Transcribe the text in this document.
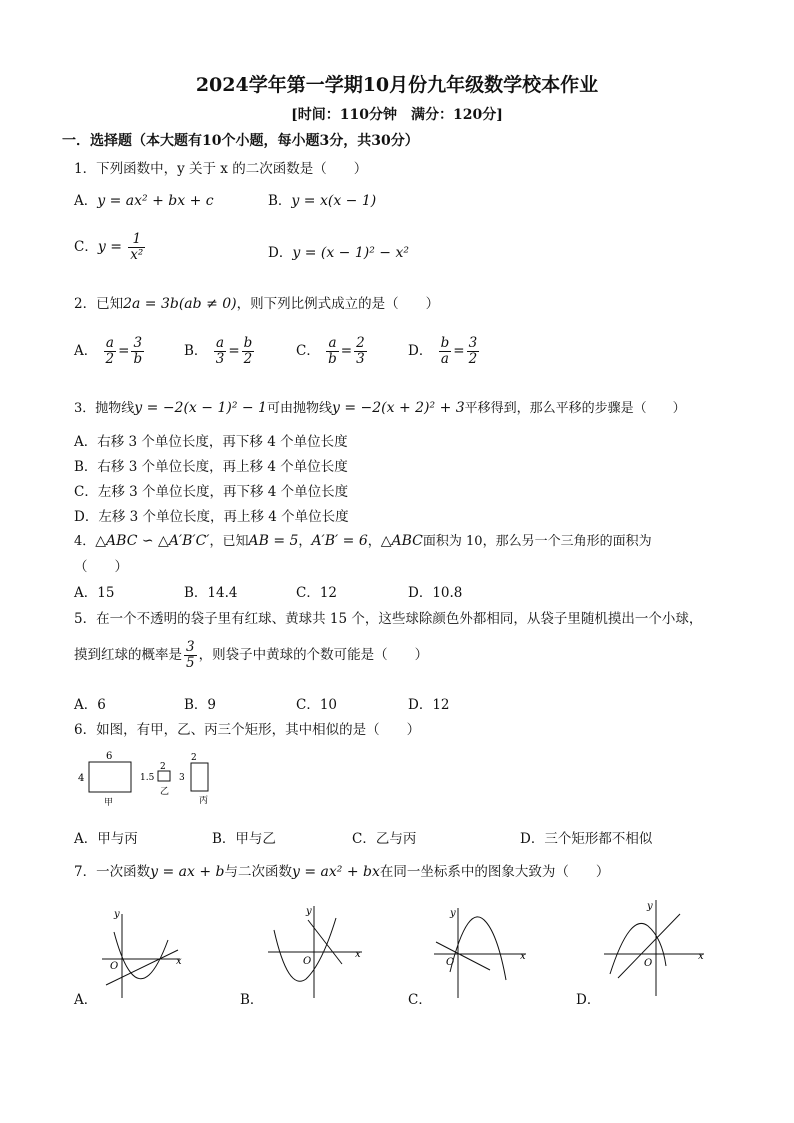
2024学年第一学期10月份九年级数学校本作业
[时间：110分钟　满分：120分]
一．选择题（本大题有10个小题，每小题3分，共30分）
1．下列函数中，y 关于 x 的二次函数是（　　）
A．y = ax² + bx + c	B．y = x(x − 1)
C．$y = \frac{1}{\text{x²}}$	D．y = (x − 1)² − x²
2．已知2a = 3b(ab ≠ 0)，则下列比例式成立的是（　　）
A． $\frac{a}{2} = \frac{3}{b}$	B． $\frac{a}{3} = \frac{b}{2}$	C． $\frac{a}{b} = \frac{2}{3}$	D． $\frac{b}{a} = \frac{3}{2}$
3．抛物线y = −2(x − 1)² − 1可由抛物线y = −2(x + 2)² + 3平移得到，那么平移的步骤是（　　）
A．右移 3 个单位长度，再下移 4 个单位长度
B．右移 3 个单位长度，再上移 4 个单位长度
C．左移 3 个单位长度，再下移 4 个单位长度
D．左移 3 个单位长度，再上移 4 个单位长度
4．△ABC ∽ △A′B′C′，已知AB = 5，A′B′ = 6，△ABC面积为 10，那么另一个三角形的面积为
（　　）
A．15	B．14.4	C．12	D．10.8
5．在一个不透明的袋子里有红球、黄球共 15 个，这些球除颜色外都相同，从袋子里随机摸出一个小球，
摸到红球的概率是 $\frac{3}{5}$ ，则袋子中黄球的个数可能是（　　）
A．6	B．9	C．10	D．12
6．如图，有甲，乙、丙三个矩形，其中相似的是（　　）
6
4
甲
2
1.5
乙
2
3
丙
A．甲与丙	B．甲与乙	C．乙与丙	D．三个矩形都不相似
7．一次函数y = ax + b与二次函数y = ax² + bx在同一坐标系中的图象大致为（　　）
x
y
O
A．
x
y
O
B．
x
y
O
C．
x
y
O
D．
